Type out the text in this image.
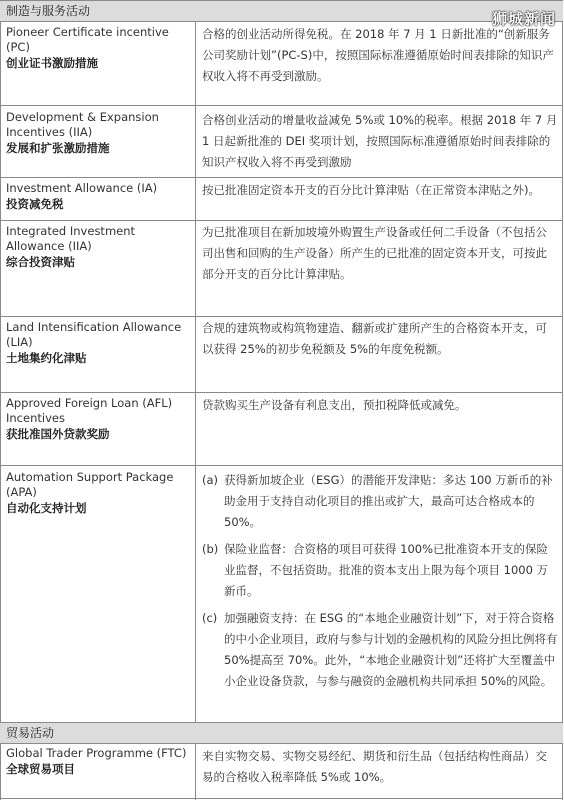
制造与服务活动
Pioneer Certificate incentive (PC)
创业证书激励措施
合格的创业活动所得免税。在 2018 年 7 月 1 日新批准的“创新服务公司奖励计划”(PC-S)中，按照国际标准遵循原始时间表排除的知识产权收入将不再受到激励。
Development & Expansion Incentives (IIA)
发展和扩张激励措施
合格创业活动的增量收益减免 5%或 10%的税率。根据 2018 年 7 月 1 日起新批准的 DEI 奖项计划，按照国际标准遵循原始时间表排除的知识产权收入将不再受到激励
Investment Allowance (IA)
投资减免税
按已批准固定资本开支的百分比计算津贴（在正常资本津贴之外)。
Integrated Investment Allowance (IIA)
综合投资津贴
为已批准项目在新加坡境外购置生产设备或任何二手设备（不包括公司出售和回购的生产设备）所产生的已批准的固定资本开支，可按此部分开支的百分比计算津贴。
Land Intensification Allowance (LIA)
土地集约化津贴
合规的建筑物或构筑物建造、翻新或扩建所产生的合格资本开支，可以获得 25%的初步免税额及 5%的年度免税额。
Approved Foreign Loan (AFL) Incentives
获批准国外贷款奖励
贷款购买生产设备有利息支出，预扣税降低或减免。
Automation Support Package (APA)
自动化支持计划
(a) 获得新加坡企业（ESG）的潜能开发津贴：多达 100 万新币的补助金用于支持自动化项目的推出或扩大，最高可达合格成本的 50%。
(b) 保险业监督：合资格的项目可获得 100%已批准资本开支的保险业监督，不包括资助。批准的资本支出上限为每个项目 1000 万新币。
(c) 加强融资支持：在 ESG 的“本地企业融资计划”下，对于符合资格的中小企业项目，政府与参与计划的金融机构的风险分担比例将有 50%提高至 70%。此外，“本地企业融资计划”还将扩大至覆盖中小企业设备贷款，与参与融资的金融机构共同承担 50%的风险。
贸易活动
Global Trader Programme (FTC)
全球贸易项目
来自实物交易、实物交易经纪、期货和衍生品（包括结构性商品）交易的合格收入税率降低 5%或 10%。
狮城新闻
